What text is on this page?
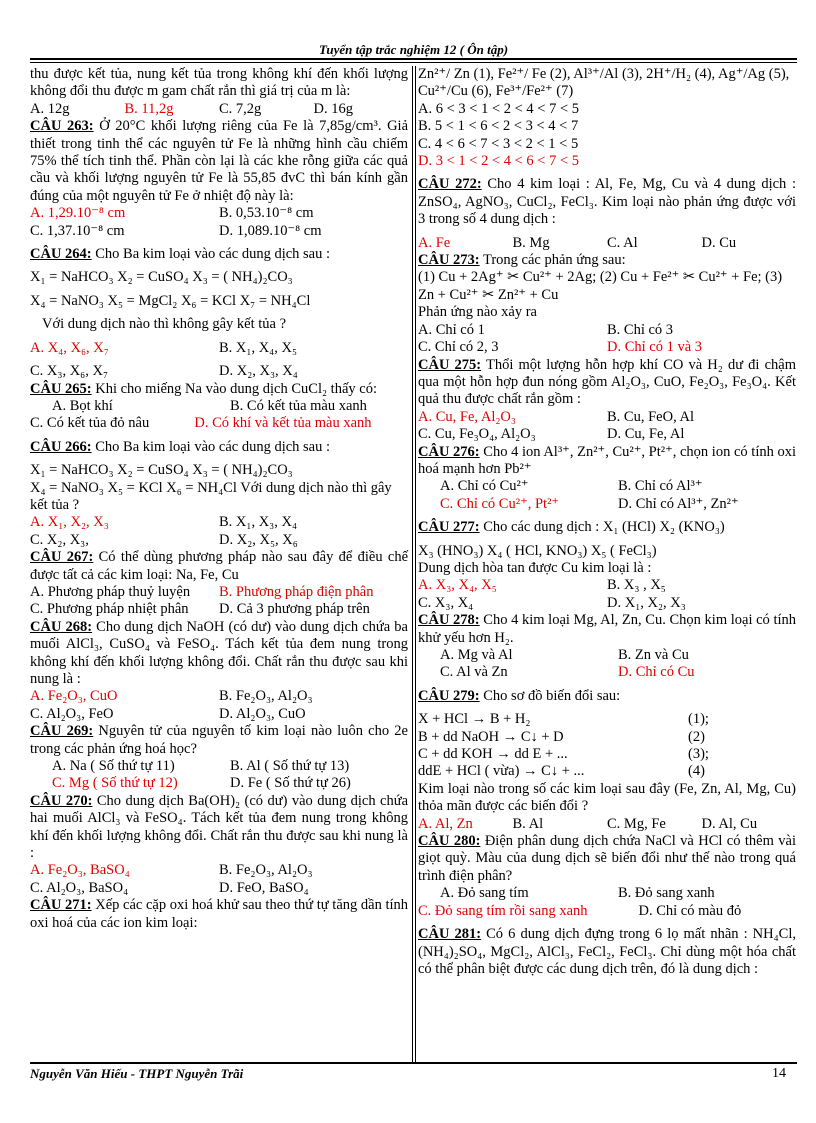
Tuyển tập trắc nghiệm 12 ( Ôn tập)

thu được kết tủa, nung kết tủa trong không khí đến khối lượng không đổi thu được m gam chất rắn thì giá trị của m là:

A. 12g	B. 11,2g	C. 7,2g	D. 16g

CÂU 263: Ở 20°C khối lượng riêng của Fe là 7,85g/cm³. Giả thiết trong tinh thể các nguyên tử Fe là những hình cầu chiếm 75% thể tích tinh thể. Phần còn lại là các khe rỗng giữa các quả cầu và khối lượng nguyên tử Fe là 55,85 đvC thì bán kính gần đúng của một nguyên tử Fe ở nhiệt độ này là:

A. 1,29.10⁻⁸ cm	B. 0,53.10⁻⁸ cm
C. 1,37.10⁻⁸ cm	D. 1,089.10⁻⁸ cm

CÂU 264: Cho Ba kim loại vào các dung dịch sau :

X₁ = NaHCO₃ X₂ = CuSO₄ X₃ = ( NH₄)₂CO₃

X₄ = NaNO₃ X₅ = MgCl₂ X₆ = KCl X₇ = NH₄Cl

Với dung dịch nào thì không gây kết tủa ?

A. X₄, X₆, X₇	B. X₁, X₄, X₅
C. X₃, X₆, X₇	D. X₂, X₃, X₄

CÂU 265: Khi cho miếng Na vào dung dịch CuCl₂ thấy có:

A. Bọt khí	B. Có kết tủa màu xanh
C. Có kết tủa đỏ nâu	D. Có khí và kết tủa màu xanh

CÂU 266: Cho Ba kim loại vào các dung dịch sau :

X₁ = NaHCO₃ X₂ = CuSO₄ X₃ = ( NH₄)₂CO₃

X₄ = NaNO₃ X₅ = KCl X₆ = NH₄Cl Với dung dịch nào thì gây kết tủa ?

A. X₁, X₂, X₃	B. X₁, X₃, X₄
C. X₂, X₃,	D. X₂, X₅, X₆

CÂU 267: Có thể dùng phương pháp nào sau đây để điều chế được tất cả các kim loại: Na, Fe, Cu

A. Phương pháp thuỷ luyện	B. Phương pháp điện phân
C. Phương pháp nhiệt phân	D. Cả 3 phương pháp trên

CÂU 268: Cho dung dịch NaOH (có dư) vào dung dịch chứa ba muối AlCl₃, CuSO₄ và FeSO₄. Tách kết tủa đem nung trong không khí đến khối lượng không đổi. Chất rắn thu được sau khi nung là :

A. Fe₂O₃, CuO	B. Fe₂O₃, Al₂O₃
C. Al₂O₃, FeO	D. Al₂O₃, CuO

CÂU 269: Nguyên tử của nguyên tố kim loại nào luôn cho 2e trong các phản ứng hoá học?

A. Na ( Số thứ tự 11)	B. Al ( Số thứ tự 13)
C. Mg ( Số thứ tự 12)	D. Fe ( Số thứ tự 26)

CÂU 270: Cho dung dịch Ba(OH)₂ (có dư) vào dung dịch chứa hai muối AlCl₃ và FeSO₄. Tách kết tủa đem nung trong không khí đến khối lượng không đổi. Chất rắn thu được sau khi nung là :

A. Fe₂O₃, BaSO₄	B. Fe₂O₃, Al₂O₃
C. Al₂O₃, BaSO₄	D. FeO, BaSO₄

CÂU 271: Xếp các cặp oxi hoá khử sau theo thứ tự tăng dần tính oxi hoá của các ion kim loại:

Zn²⁺/ Zn (1), Fe²⁺/ Fe (2), Al³⁺/Al (3), 2H⁺/H₂ (4), Ag⁺/Ag (5), Cu²⁺/Cu (6), Fe³⁺/Fe²⁺ (7)

A. 6 < 3 < 1 < 2 < 4 < 7 < 5

B. 5 < 1 < 6 < 2 < 3 < 4 < 7

C. 4 < 6 < 7 < 3 < 2 < 1 < 5

D. 3 < 1 < 2 < 4 < 6 < 7 < 5

CÂU 272: Cho 4 kim loại : Al, Fe, Mg, Cu và 4 dung dịch : ZnSO₄, AgNO₃, CuCl₂, FeCl₃. Kim loại nào phản ứng được với 3 trong số 4 dung dịch :

A. Fe	B. Mg	C. Al	D. Cu

CÂU 273: Trong các phản ứng sau:

(1) Cu + 2Ag⁺ ✂ Cu²⁺ + 2Ag; (2) Cu + Fe²⁺ ✂ Cu²⁺ + Fe; (3) Zn + Cu²⁺ ✂ Zn²⁺ + Cu

Phản ứng nào xảy ra

A. Chỉ có 1	B. Chỉ có 3
C. Chỉ có 2, 3	D. Chỉ có 1 và 3

CÂU 275: Thổi một lượng hỗn hợp khí CO và H₂ dư đi chậm qua một hỗn hợp đun nóng gồm Al₂O₃, CuO, Fe₂O₃, Fe₃O₄. Kết quả thu được chất rắn gồm :

A. Cu, Fe, Al₂O₃	B. Cu, FeO, Al
C. Cu, Fe₃O₄, Al₂O₃	D. Cu, Fe, Al

CÂU 276: Cho 4 ion Al³⁺, Zn²⁺, Cu²⁺, Pt²⁺, chọn ion có tính oxi hoá mạnh hơn Pb²⁺

A. Chỉ có Cu²⁺	B. Chỉ có Al³⁺
C. Chỉ có Cu²⁺, Pt²⁺	D. Chỉ có Al³⁺, Zn²⁺

CÂU 277: Cho các dung dịch : X₁ (HCl) X₂ (KNO₃)

X₃ (HNO₃) X₄ ( HCl, KNO₃) X₅ ( FeCl₃)

Dung dịch hòa tan được Cu kim loại là :

A. X₃, X₄, X₅	B. X₃ , X₅
C. X₃, X₄	D. X₁, X₂, X₃

CÂU 278: Cho 4 kim loại Mg, Al, Zn, Cu. Chọn kim loại có tính khử yếu hơn H₂.

A. Mg và Al	B. Zn và Cu
C. Al và Zn	D. Chỉ có Cu

CÂU 279: Cho sơ đồ biến đổi sau:

X + HCl → B + H₂	(1);
B + dd NaOH → C↓ + D	(2)
C + dd KOH → dd E + ...	(3);
ddE + HCl ( vừa) → C↓ + ...	(4)

Kim loại nào trong số các kim loại sau đây (Fe, Zn, Al, Mg, Cu) thỏa mãn được các biến đổi ?

A. Al, Zn	B. Al	C. Mg, Fe	D. Al, Cu

CÂU 280: Điện phân dung dịch chứa NaCl và HCl có thêm vài giọt quỳ. Màu của dung dịch sẽ biến đổi như thế nào trong quá trình điện phân?

A. Đỏ sang tím	B. Đỏ sang xanh
C. Đỏ sang tím rồi sang xanh	D. Chỉ có màu đỏ

CÂU 281: Có 6 dung dịch đựng trong 6 lọ mất nhãn : NH₄Cl, (NH₄)₂SO₄, MgCl₂, AlCl₃, FeCl₂, FeCl₃. Chỉ dùng một hóa chất có thể phân biệt được các dung dịch trên, đó là dung dịch :

Nguyễn Văn Hiếu - THPT Nguyễn Trãi	14
